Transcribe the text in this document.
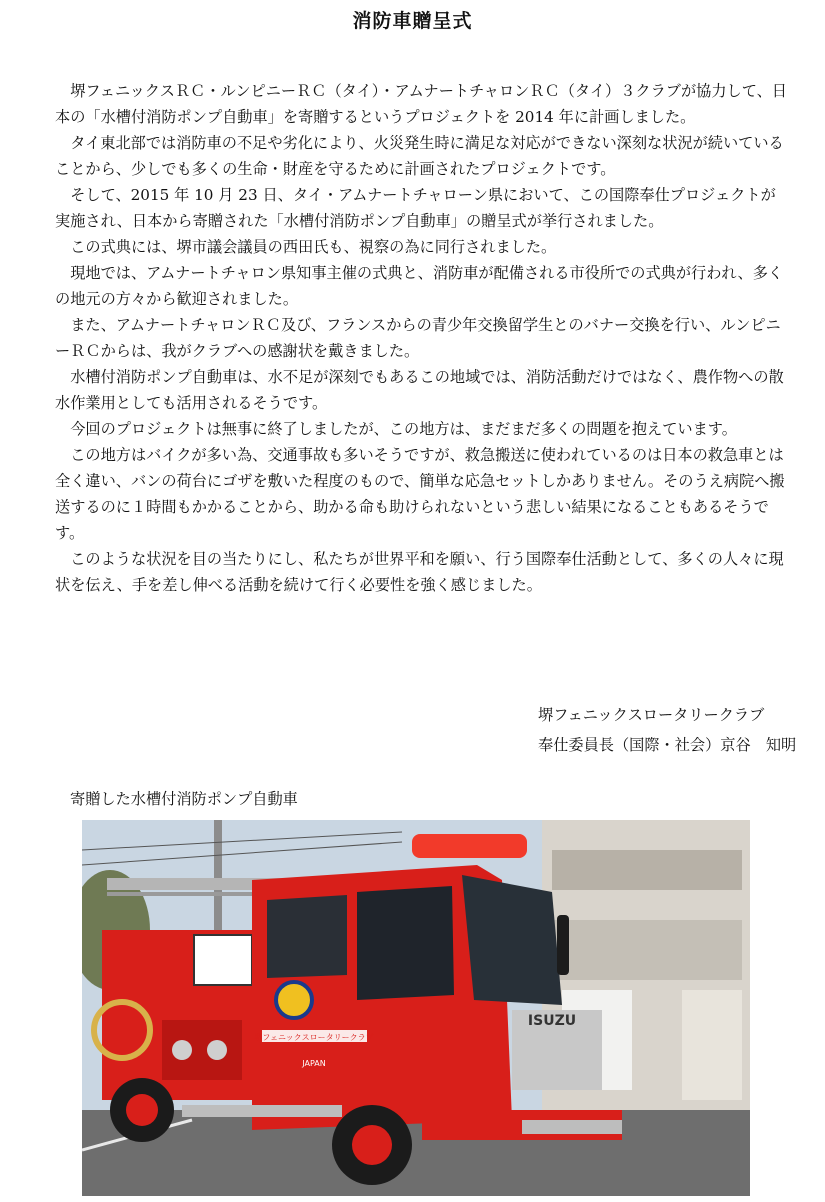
消防車贈呈式

堺フェニックスＲＣ・ルンピニーＲＣ（タイ）・アムナートチャロンＲＣ（タイ）３クラブが協力して、日本の「水槽付消防ポンプ自動車」を寄贈するというプロジェクトを 2014 年に計画しました。

タイ東北部では消防車の不足や劣化により、火災発生時に満足な対応ができない深刻な状況が続いていることから、少しでも多くの生命・財産を守るために計画されたプロジェクトです。

そして、2015 年 10 月 23 日、タイ・アムナートチャローン県において、この国際奉仕プロジェクトが実施され、日本から寄贈された「水槽付消防ポンプ自動車」の贈呈式が挙行されました。

この式典には、堺市議会議員の西田氏も、視察の為に同行されました。

現地では、アムナートチャロン県知事主催の式典と、消防車が配備される市役所での式典が行われ、多くの地元の方々から歓迎されました。

また、アムナートチャロンＲＣ及び、フランスからの青少年交換留学生とのバナー交換を行い、ルンピニーＲＣからは、我がクラブへの感謝状を戴きました。

水槽付消防ポンプ自動車は、水不足が深刻でもあるこの地域では、消防活動だけではなく、農作物への散水作業用としても活用されるそうです。

今回のプロジェクトは無事に終了しましたが、この地方は、まだまだ多くの問題を抱えています。

この地方はバイクが多い為、交通事故も多いそうですが、救急搬送に使われているのは日本の救急車とは全く違い、バンの荷台にゴザを敷いた程度のもので、簡単な応急セットしかありません。そのうえ病院へ搬送するのに１時間もかかることから、助かる命も助けられないという悲しい結果になることもあるそうです。

このような状況を目の当たりにし、私たちが世界平和を願い、行う国際奉仕活動として、多くの人々に現状を伝え、手を差し伸べる活動を続けて行く必要性を強く感じました。

堺フェニックスロータリークラブ
奉仕委員長（国際・社会）京谷　知明
寄贈した水槽付消防ポンプ自動車
堺フェニックスロータリークラブ
JAPAN
ISUZU
